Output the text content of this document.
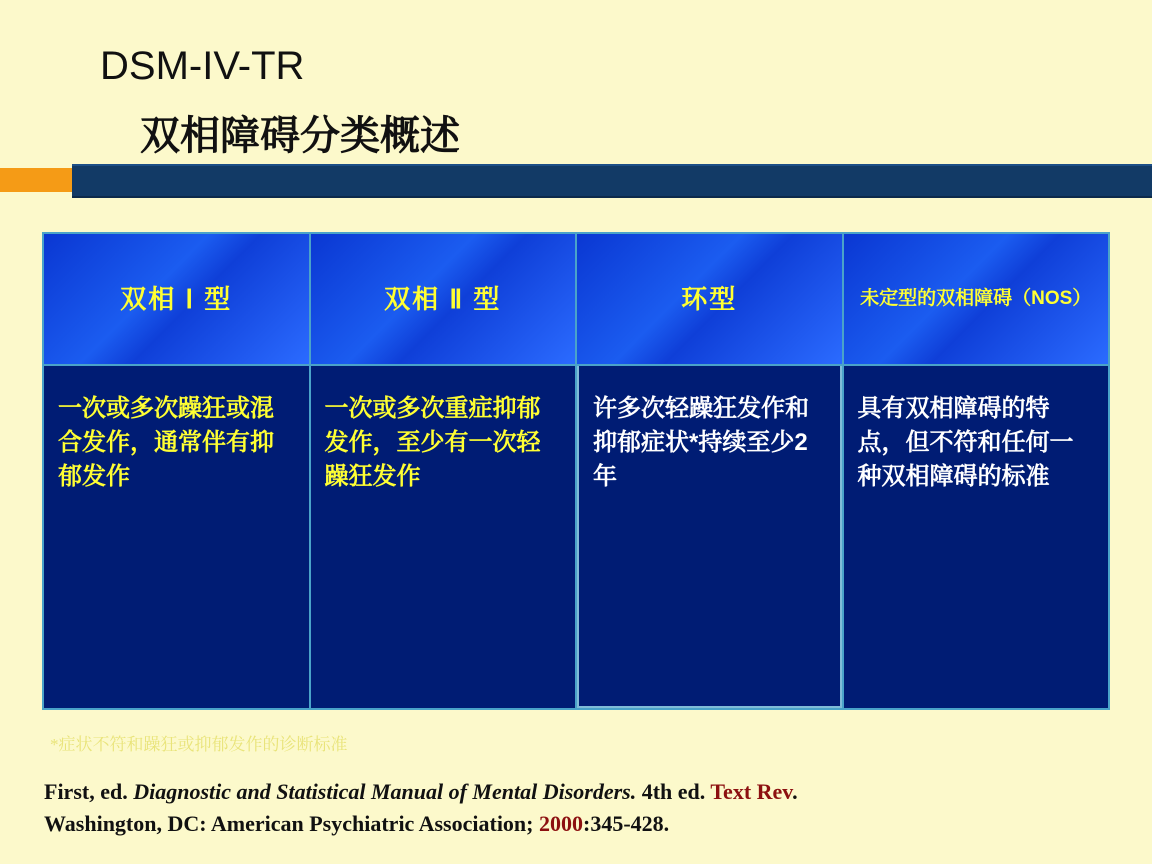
DSM-IV-TR
双相障碍分类概述
双相 Ⅰ 型
一次或多次躁狂或混合发作，通常伴有抑郁发作
双相 Ⅱ 型
一次或多次重症抑郁发作，至少有一次轻躁狂发作
环型
许多次轻躁狂发作和抑郁症状*持续至少2年
未定型的双相障碍（NOS）
具有双相障碍的特点，但不符和任何一种双相障碍的标准
*症状不符和躁狂或抑郁发作的诊断标准
First, ed. Diagnostic and Statistical Manual of Mental Disorders. 4th ed. Text Rev.
Washington, DC: American Psychiatric Association; 2000:345-428.
